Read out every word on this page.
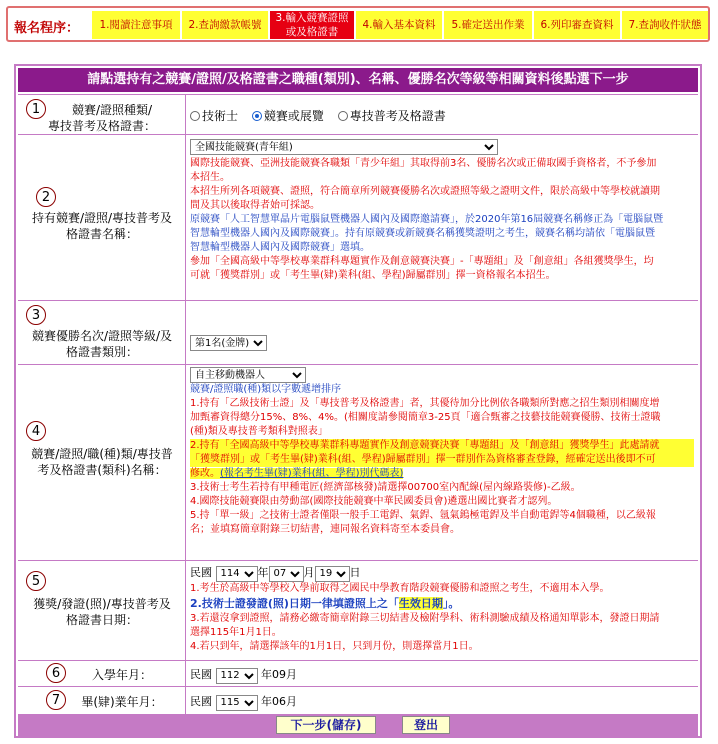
報名程序：	1.閱讀注意事項	2.查詢繳款帳號
3.輸入競賽證照
或及格證書
4.輸入基本資料	5.確定送出作業	6.列印審查資料	7.查詢收件狀態
請點選持有之競賽/證照/及格證書之職種(類別)、名稱、優勝名次等級等相關資料後點選下一步
1	競賽/證照種類/
專技普考及格證書：
技術士 競賽或展覽 專技普考及格證書
2
持有競賽/證照/專技普考及
格證書名稱：
全國技能競賽(青年組)
國際技能競賽、亞洲技能競賽各職類「青少年組」其取得前3名、優勝名次或正備取國手資格者，不予參加
本招生。
本招生所列各項競賽、證照，符合簡章所列競賽優勝名次或證照等級之證明文件，限於高級中等學校就讀期
間及其以後取得者始可採認。
原競賽「人工智慧單晶片電腦鼠暨機器人國內及國際邀請賽」，於2020年第16屆競賽名稱修正為「電腦鼠暨
智慧輪型機器人國內及國際競賽」。持有原競賽或新競賽名稱獲獎證明之考生，競賽名稱均請依「電腦鼠暨
智慧輪型機器人國內及國際競賽」選填。
參加「全國高級中等學校專業群科專題實作及創意競賽決賽」-「專題組」及「創意組」各組獲獎學生，均
可就「獲獎群別」或「考生畢(肄)業科(組、學程)歸屬群別」擇一資格報名本招生。
3
競賽優勝名次/證照等級/及
格證書類別：
第1名(金牌)
4
競賽/證照/職(種)類/專技普
考及格證書(類科)名稱：
自主移動機器人
競賽/證照職(種)類以字數遞增排序
1.持有「乙級技術士證」及「專技普考及格證書」者，其優待加分比例依各職類所對應之招生類別相關度增
加甄審資得總分15%、8%、4%。(相關度請參閱簡章3-25頁「適合甄審之技藝技能競賽優勝、技術士證職
(種)類及專技普考類科對照表」
2.持有「全國高級中等學校專業群科專題實作及創意競賽決賽「專題組」及「創意組」獲獎學生」此處請就
「獲獎群別」或「考生畢(肄)業科(組、學程)歸屬群別」擇一群別作為資格審查登錄，經確定送出後即不可
修改。(報名考生畢(肄)業科(組、學程)別代碼表)
3.技術士考生若持有甲種電匠(經濟部核發)請選擇00700室內配線(屋內線路裝修)-乙級。
4.國際技能競賽限由勞動部(國際技能競賽中華民國委員會)遴選出國比賽者才認列。
5.持「單一級」之技術士證者僅限一般手工電銲、氣銲、氬氣鎢極電銲及半自動電銲等4個職種，以乙級報
名；並填寫簡章附錄三切結書，連同報名資料寄至本委員會。
5
獲獎/發證(照)/專技普考及
格證書日期：
民國
114	年
07	月
19	日
1.考生於高級中等學校入學前取得之國民中學教育階段競賽優勝和證照之考生，不適用本入學。
2.技術士證發證(照)日期一律填證照上之「生效日期」。
3.若還沒拿到證照，請務必繳寄簡章附錄三切結書及檢附學科、術科測驗成績及格通知單影本，發證日期請
選擇115年1月1日。
4.若只到年，請選擇該年的1月1日，只到月份，則選擇當月1日。
6	入學年月：	民國
112	年09月
7	畢(肄)業年月：	民國
115	年06月
下一步(儲存)	登出
